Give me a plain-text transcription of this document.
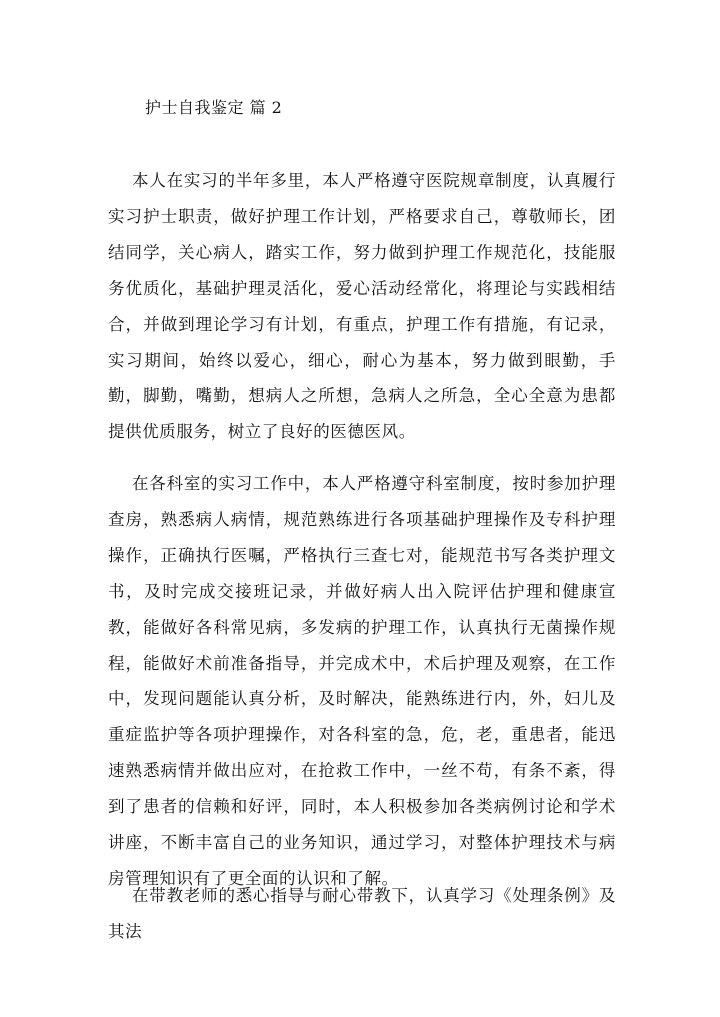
护士自我鉴定 篇 2

本人在实习的半年多里，本人严格遵守医院规章制度，认真履行实习护士职责，做好护理工作计划，严格要求自己，尊敬师长，团结同学，关心病人，踏实工作，努力做到护理工作规范化，技能服务优质化，基础护理灵活化，爱心活动经常化，将理论与实践相结合，并做到理论学习有计划，有重点，护理工作有措施，有记录，实习期间，始终以爱心，细心，耐心为基本，努力做到眼勤，手勤，脚勤，嘴勤，想病人之所想，急病人之所急，全心全意为患都提供优质服务，树立了良好的医德医风。

在各科室的实习工作中，本人严格遵守科室制度，按时参加护理查房，熟悉病人病情，规范熟练进行各项基础护理操作及专科护理操作，正确执行医嘱，严格执行三查七对，能规范书写各类护理文书，及时完成交接班记录，并做好病人出入院评估护理和健康宣教，能做好各科常见病，多发病的护理工作，认真执行无菌操作规程，能做好术前准备指导，并完成术中，术后护理及观察，在工作中，发现问题能认真分析，及时解决，能熟练进行内，外，妇儿及重症监护等各项护理操作，对各科室的急，危，老，重患者，能迅速熟悉病情并做出应对，在抢救工作中，一丝不苟，有条不紊，得到了患者的信赖和好评，同时，本人积极参加各类病例讨论和学术讲座，不断丰富自己的业务知识，通过学习，对整体护理技术与病房管理知识有了更全面的认识和了解。

在带教老师的悉心指导与耐心带教下，认真学习《处理条例》及其法
